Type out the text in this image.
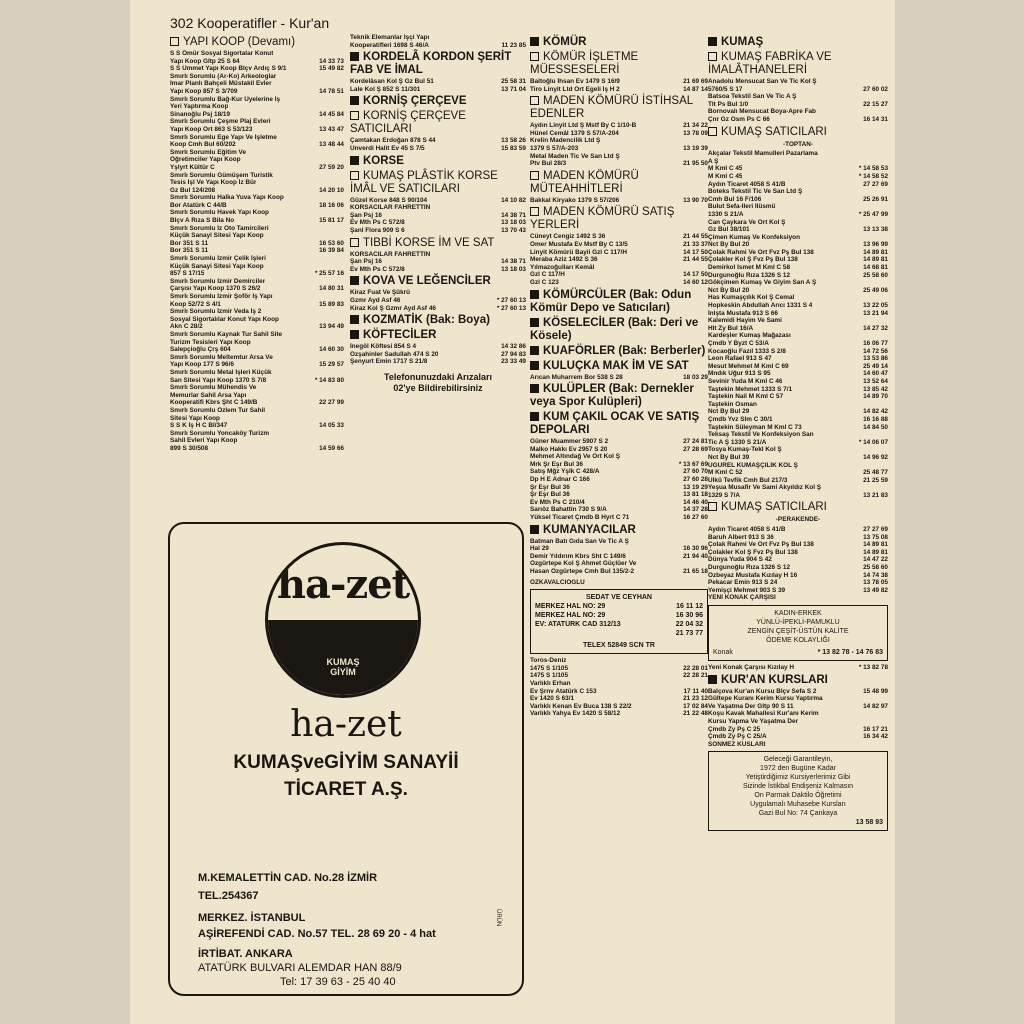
302 Kooperatifler - Kur'an
YAPI KOOP (Devamı)
S S Ömür Sosyal Sigortalar Konut
Yapı Koop Gltp 25 S 64	14 33 73
S S Ümmet Yapı Koop Blçv Ardıç S 9/1	15 49 82
Smırlı Sorumlu (Ar-Ko) Arkeologlar
İmar Planlı Bahçeli Müstakil Evler
Yapı Koop 857 S 3/709	14 78 51
Smırlı Sorumlu Bağ-Kur Üyelerine İş
Yeri Yaptırma Koop
Sinanoğlu Psj 18/19	14 45 84
Smırlı Sorumlu Çeşme Plaj Evleri
Yapı Koop Ort 863 S 53/123	13 43 47
Smırlı Sorumlu Ege Yapı Ve İşletme
Koop Cmh Bul 60/202	13 48 44
Smırlı Sorumlu Eğitim Ve
Öğretimciler Yapı Koop
Yşlyrt Kültür C	27 59 20
Smırlı Sorumlu Gümüşem Turistik
Tesis İşl Ve Yapı Koop İz Bür
Gz Bul 124/208	14 20 10
Smırlı Sorumlu Halka Yuva Yapı Koop
Bor Atatürk C 44/B	18 16 06
Smırlı Sorumlu Havek Yapı Koop
Blçv A Rıza S Bila No	15 81 17
Smırlı Sorumlu İz Oto Tamircileri
Küçük Sanayi Sitesi Yapı Koop
Bor 351 S 11	16 53 60
Bor 351 S 11	16 39 84
Smırlı Sorumlu İzmir Çelik İşleri
Küçük Sanayi Sitesi Yapı Koop
857 S 17/15	* 25 57 16
Smırlı Sorumlu İzmir Demirciler
Çarşısı Yapı Koop 1370 S 26/2	14 80 31
Smırlı Sorumlu İzmir Şoför İş Yapı
Koop 52/72 S 4/1	15 89 83
Smırlı Sorumlu İzmir Veda İş 2
Sosyal Sigortalılar Konut Yapı Koop
Akn C 28/2	13 94 49
Smırlı Sorumlu Kaynak Tur Sahil Site
Turizm Tesisleri Yapı Koop
Salepçioğlu Çrş 604	14 60 30
Smırlı Sorumlu Meltemtur Arsa Ve
Yapı Koop 177 S 96/6	15 29 57
Smırlı Sorumlu Metal İşleri Küçük
San Sitesi Yapı Koop 1370 S 7/8	* 14 83 80
Smırlı Sorumlu Mühendis Ve
Memurlar Sahil Arsa Yapı
Kooperatifi Kbrs Şht C 149/B	22 27 99
Smırlı Sorumlu Özlem Tur Sahil
Sitesi Yapı Koop
S S K İş H C Bl/347	14 05 33
Smırlı Sorumlu Yoncaköy Turizm
Sahil Evleri Yapı Koop
899 S 30/508	14 59 66
Teknik Elemanlar İşçi Yapı
Kooperatifleri 1698 S 46/A	11 23 85
KORDELÂ KORDON ŞERİT FAB VE İMAL
Kordelâsan Kol Ş Gz Bul 51	25 58 31
Lale Kol Ş 852 S 11/301	13 71 04
KORNİŞ ÇERÇEVE
KORNİŞ ÇERÇEVE SATICILARI
Çamtakan Erdoğan 878 S 44	13 58 26
Ünverdi Halit Ev 45 S 7/5	15 83 59
KORSE
KUMAŞ PLÂSTİK KORSE İMÂL VE SATICILARI
Güzel Korse 848 S 90/104	14 10 82
KORSACILAR FAHRETTİN
Şan Psj 16	14 38 71
Ev Mth Ps C 572/8	13 18 03
Şanl Flora 909 S 6	13 70 43
TIBBİ KORSE İM VE SAT
KORSACILAR FAHRETTİN
Şan Psj 16	14 38 71
Ev Mth Ps C 572/8	13 18 03
KOVA VE LEĞENCİLER
Kiraz Fuat Ve Şükrü
Gzmr Ayd Asf 46	* 27 60 13
Kiraz Kol Ş Gzmr Ayd Asf 46	* 27 60 13
KOZMATİK (Bak: Boya)
KÖFTECİLER
İnegöl Köftesi 854 S 4	14 32 86
Özşahinler Sadullah 474 S 20	27 94 83
Şenyurt Emin 1717 S 21/8	23 33 49
Telefonunuzdaki Arızaları
02'ye Bildirebilirsiniz
KÖMÜR
KÖMÜR İŞLETME MÜESSESELERİ
Baltoğlu İhsan Ev 1479 S 16/9	21 69 69
Tiro Linyit Ltd Ort Egeli İş H 2	14 87 14
MADEN KÖMÜRÜ İSTİHSAL EDENLER
Aydın Linyit Ltd Ş Mstf By C 1/10-B	21 34 22
Hünel Cemâl 1379 S 57/A-204	13 78 09
Krelin Madencilik Ltd Ş
1379 S 57/A-203	13 19 39
Metal Maden Tic Ve San Ltd Ş
Ptv Bul 28/3	21 95 50
MADEN KÖMÜRÜ MÜTEAHHİTLERİ
Bakkal Kiryako 1379 S 57/206	13 90 70
MADEN KÖMÜRÜ SATIŞ YERLERİ
Cüneyt Cengiz 1492 S 36	21 44 55
Ömer Mustafa Ev Mstf By C 13/5	21 33 37
Linyit Kömürü Bayii Gzl C 117/H	14 17 50
Meraba Aziz 1492 S 36	21 44 55
Yılmazoğulları Kemâl
Gzl C 117/H	14 17 50
Gzl C 123	14 60 12
KÖMÜRCÜLER (Bak: Odun Kömür Depo ve Satıcıları)
KÖSELECİLER (Bak: Deri ve Kösele)
KUAFÖRLER (Bak: Berberler)
KULUÇKA MAK İM VE SAT
Arıcan Muharrem Bor 538 S 28	18 03 29
KULÜPLER (Bak: Dernekler veya Spor Kulüpleri)
KUM ÇAKIL OCAK VE SATIŞ DEPOLARI
Güner Muammer 5907 S 2	27 24 81
Malko Hakkı Ev 2957 S 20	27 28 69
Mehmet Altındağ Ve Ort Kol Ş
Mrk Şr Eşr Bul 36	* 13 67 69
Satış Mğz Yşlk C 428/A	27 60 70
Dp H E Adnar C 166	27 60 28
Şr Eşr Bul 36	13 19 29
Şr Eşr Bul 36	13 81 18
Ev Mth Ps C 210/4	14 46 40
Sarıöz Bahattin 730 S 9/A	14 37 28
Yüksel Ticaret Çmdb B Hyrt C 71	16 27 60
KUMANYACILAR
Batman Batı Gıda San Ve Tic A Ş
Hal 29	16 30 96
Demir Yıldırım Kbrs Sht C 149/6	21 94 40
Özgürtepe Kol Ş Ahmet Güçlüer Ve
Hasan Özgürtepe Cmh Bul 135/2-2	21 65 18
ÖZKAVALCIOĞLU
SEDAT VE CEYHAN
MERKEZ HAL NO: 29	16 11 12
MERKEZ HAL NO: 29	16 30 96
EV: ATATÜRK CAD 312/13	22 04 32
21 73 77
TELEX 52849 SCN TR
Toros-Deniz
1475 S 1/105	22 28 01
1475 S 1/105	22 28 21
Varlıklı Erhan
Ev Şrnv Atatürk C 153	17 11 40
Ev 1420 S 63/1	21 23 12
Varlıklı Kenan Ev Buca 138 S 22/2	17 02 84
Varlıklı Yahya Ev 1420 S 58/12	21 22 48
KUMAŞ
KUMAŞ FABRİKA VE İMALÂTHANELERİ
Anadolu Mensucat San Ve Tic Kol Ş
5760/5 S 17	27 60 02
Batsoa Tekstil San Ve Tic A Ş
Tlt Ps Bul 1/0	22 15 27
Bornovalı Mensucat Boya-Apre Fab
Çnr Gz Osm Ps C 66	16 14 31
KUMAŞ SATICILARI
-TOPTAN-
Akçalar Tekstil Mamulleri Pazarlama
A Ş
M Kml C 45	* 14 58 53
M Kml C 45	* 14 58 52
Aydın Ticaret 4058 S 41/B	27 27 69
Boteks Tekstil Tic Ve San Ltd Ş
Cmh Bul 16 F/106	25 26 91
Bulut Sefa-İleri İlüsmü
1330 S 21/A	* 25 47 99
Can Çaykara Ve Ort Kol Ş
Gz Bul 38/101	13 13 38
Çimen Kumaş Ve Konfeksiyon
Nct By Bul 20	13 96 99
Çolak Rahmi Ve Ort Fvz Pş Bul 138	14 89 81
Çolakler Kol Ş Fvz Pş Bul 138	14 89 81
Demirkol İsmet M Kml C 58	14 68 81
Durgunoğlu Rıza 1326 S 12	25 58 60
Gökçimen Kumaş Ve Giyim San A Ş
Nct By Bul 20	25 49 06
Has Kumaşçılık Kol Ş Cemal
Hopkeskin Abdullah Arıcı 1331 S 4	13 22 05
İnlşta Mustafa 913 S 66	13 21 94
Kalemidi Hayim Ve Sami
Hlt Zy Bul 16/A	14 27 32
Kardeşler Kumaş Mağazası
Çmdb Y Byzt C 53/A	16 06 77
Kocaoğlu Fazıl 1333 S 2/8	14 72 56
Leon Rafael 913 S 47	13 53 86
Mesut Mehmet M Kml C 69	25 49 14
Mndık Uğur 913 S 95	14 60 47
Sevinir Yuda M Kml C 46	13 52 64
Taştekin Mehmet 1333 S 7/1	13 85 42
Taştekin Nail M Kml C 57	14 89 70
Taştekin Osman
Nct By Bul 29	14 82 42
Çmdb Yvz Slm C 30/1	16 16 88
Taştekin Süleyman M Kml C 73	14 84 50
Teksaş Tekstil Ve Konfeksiyon San
Tic A Ş 1330 S 21/A	* 14 06 07
Tosya Kumaş-Tekl Kol Ş
Nct By Bul 39	14 96 92
UĞUREL KUMAŞÇILIK KOL Ş
M Kml C 52	25 48 77
Ülkü Tevfik Cmh Bul 217/3	21 25 59
Yeşua Musafir Ve Sami Akyıldız Kol Ş
1329 S 7/A	13 21 83
KUMAŞ SATICILARI
-PERAKENDE-
Aydın Ticaret 4058 S 41/B	27 27 69
Baruh Albert 913 S 36	13 75 08
Çolak Rahmi Ve Ort Fvz Pş Bul 138	14 89 81
Çolakler Kol Ş Fvz Pş Bul 138	14 89 81
Dünya Yuda 904 S 42	14 47 22
Durgunoğlu Rıza 1326 S 12	25 58 60
Özbeyaz Mustafa Kızılay H 16	14 74 38
Pekacar Emin 913 S 24	13 78 05
Yemişçi Mehmet 903 S 39	13 49 82
YENİ KONAK ÇARŞISI
KADIN-ERKEK
YÜNLÜ-İPEKLİ-PAMUKLU
ZENGİN ÇEŞİT-ÜSTÜN KALİTE
ÖDEME KOLAYLIĞI
Konak	* 13 82 78 - 14 76 83
Yeni Konak Çarşısı Kızılay H	* 13 82 78
KUR'AN KURSLARI
Balçova Kur'an Kursu Blçv Sefa S 2	15 48 99
Gültepe Kuranı Kerim Kursu Yaptırma
Ve Yaşatma Der Gltp 90 S 11	14 82 97
Koşu Kavak Mahallesi Kur'anı Kerim
Kursu Yapma Ve Yaşatma Der
Çmdb Zy Pş C 25	16 17 21
Çmdb Zy Pş C 25/A	16 34 42
SÖNMEZ KUSLARI
Geleceği Garantileyin,
1972 den Bugüne Kadar
Yetiştirdiğimiz Kursiyerlerimiz Gibi
Sizinde İstikbal Endişeniz Kalmasın
On Parmak Daktilo Öğretimi
Uygulamalı Muhasebe Kursları
Gazi Bul No: 74 Çankaya
13 58 93
ha-zet
KUMAŞ
GİYİM
ha-zet
KUMAŞveGİYİM SANAYİİ
TİCARET A.Ş.
M.KEMALETTİN CAD. No.28 İZMİR
TEL.254367
MERKEZ. İSTANBUL
AŞİREFENDİ CAD. No.57 TEL. 28 69 20 - 4 hat
İRTİBAT. ANKARA
ATATÜRK BULVARI ALEMDAR HAN 88/9
Tel: 17 39 63 - 25 40 40
ÜRÜN
